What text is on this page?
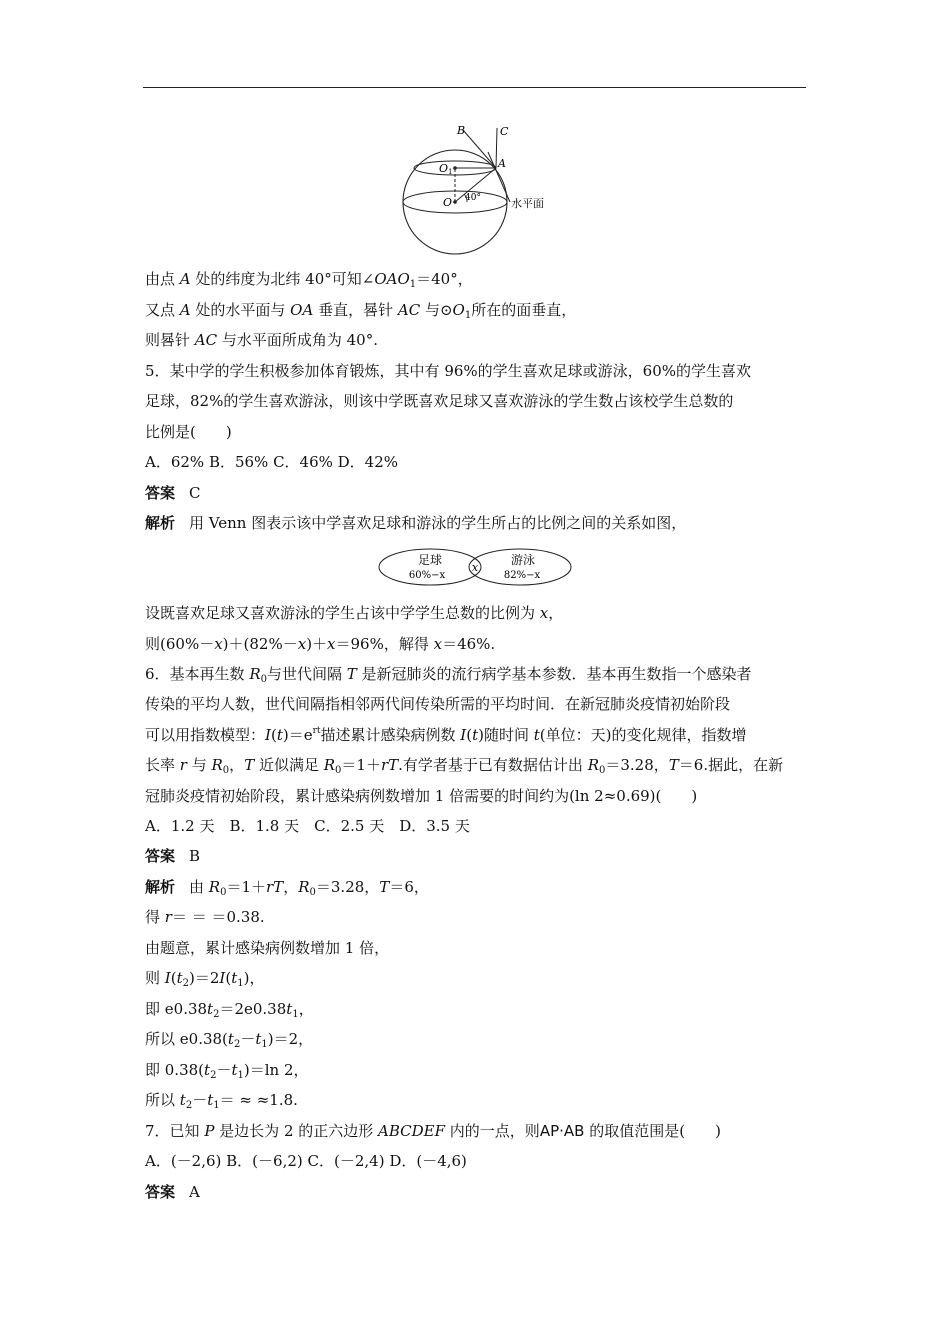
B	C
A
O1
O 40°	水平面
足球
60%−x
x
游泳
82%−x
由点 A 处的纬度为北纬 40°可知$\angle OAO_1=40^\circ$，
又点 A 处的水平面与 OA 垂直，晷针 AC 与$⊙O_1$所在的面垂直，
则晷针 AC 与水平面所成角为 40°.
5．某中学的学生积极参加体育锻炼，其中有 96%的学生喜欢足球或游泳，60%的学生喜欢
足球，82%的学生喜欢游泳，则该中学既喜欢足球又喜欢游泳的学生数占该校学生总数的
比例是(　　)
A．62% B．56% C．46% D．42%
答案 C
解析 用 Venn 图表示该中学喜欢足球和游泳的学生所占的比例之间的关系如图，
设既喜欢足球又喜欢游泳的学生占该中学学生总数的比例为 x，
则(60%－x)＋(82%－x)＋x＝96%，解得 x＝46%.
6．基本再生数 $R_0$与世代间隔 T 是新冠肺炎的流行病学基本参数．基本再生数指一个感染者
传染的平均人数，世代间隔指相邻两代间传染所需的平均时间．在新冠肺炎疫情初始阶段
可以用指数模型：$I(t)=e^{rt}$描述累计感染病例数 I(t)随时间 t(单位：天)的变化规律，指数增
长率 r 与 $R_0$，T 近似满足 $R_0=1+rT$.有学者基于已有数据估计出 $R_0=3.28$，T＝6.据此，在新
冠肺炎疫情初始阶段，累计感染病例数增加 1 倍需要的时间约为(ln 2≈0.69)(　　)
A．1.2 天　B．1.8 天　C．2.5 天　D．3.5 天
答案 B
解析 由 $R_0=1+rT$，$R_0=3.28$，T＝6，
得 r＝ ＝ ＝0.38.
由题意，累计感染病例数增加 1 倍，
则 $I(t_2)=2I(t_1)$，
即 $e0.38t_2=2e0.38t_1$，
所以 $e0.38(t_2-t_1)=2$，
即 $0.38(t_2-t_1)=\ln$ 2，
所以 $t_2-t_1= \approx \approx 1.8$.
7．已知 P 是边长为 2 的正六边形 ABCDEF 内的一点，则AP·AB 的取值范围是(　　)
A．(－2,6) B．(－6,2) C．(－2,4) D．(－4,6)
答案 A
